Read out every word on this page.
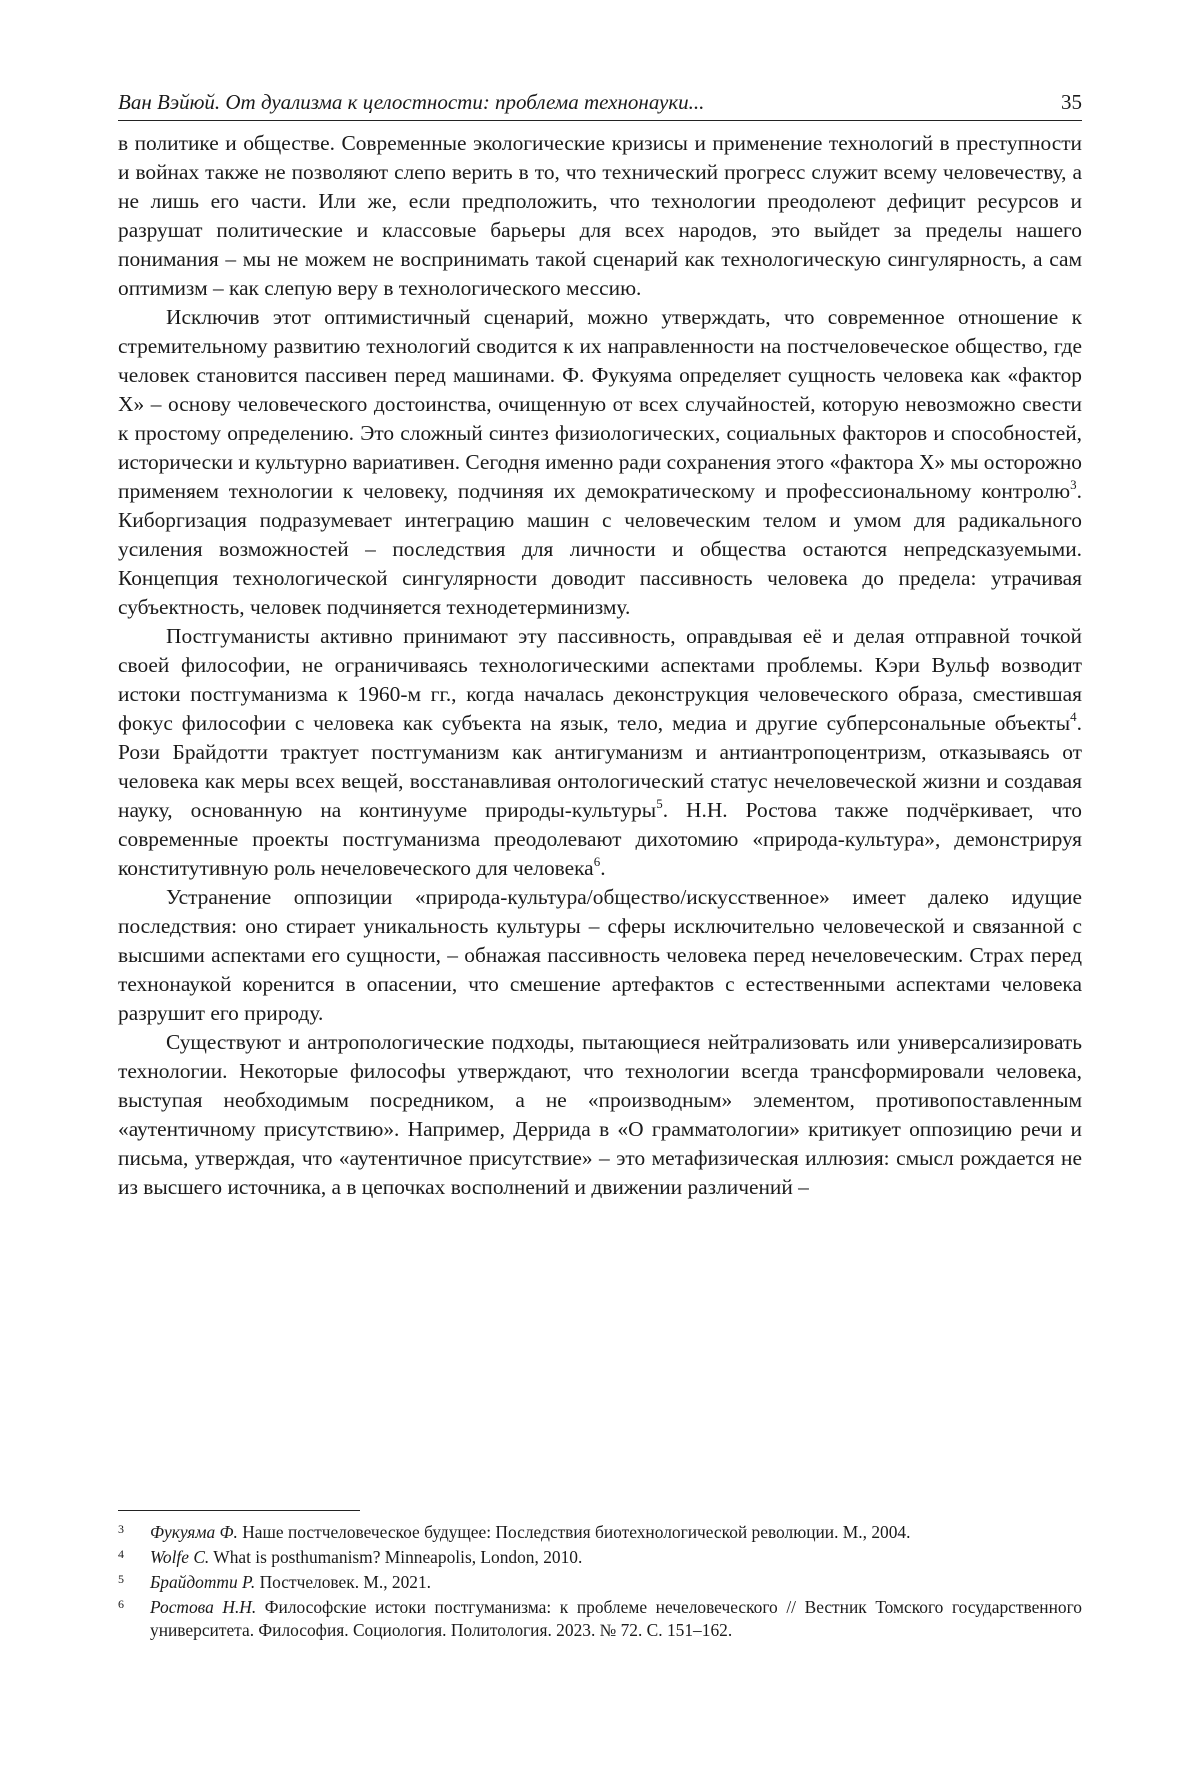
Ван Вэйюй. От дуализма к целостности: проблема технонауки...	35

в политике и обществе. Современные экологические кризисы и применение технологий в преступности и войнах также не позволяют слепо верить в то, что технический прогресс служит всему человечеству, а не лишь его части. Или же, если предположить, что технологии преодолеют дефицит ресурсов и разрушат политические и классовые барьеры для всех народов, это выйдет за пределы нашего понимания – мы не можем не воспринимать такой сценарий как технологическую сингулярность, а сам оптимизм – как слепую веру в технологического мессию.

Исключив этот оптимистичный сценарий, можно утверждать, что современное отношение к стремительному развитию технологий сводится к их направленности на постчеловеческое общество, где человек становится пассивен перед машинами. Ф. Фукуяма определяет сущность человека как «фактор X» – основу человеческого достоинства, очищенную от всех случайностей, которую невозможно свести к простому определению. Это сложный синтез физиологических, социальных факторов и способностей, исторически и культурно вариативен. Сегодня именно ради сохранения этого «фактора X» мы осторожно применяем технологии к человеку, подчиняя их демократическому и профессиональному контролю$^3$. Киборгизация подразумевает интеграцию машин с человеческим телом и умом для радикального усиления возможностей – последствия для личности и общества остаются непредсказуемыми. Концепция технологической сингулярности доводит пассивность человека до предела: утрачивая субъектность, человек подчиняется технодетерминизму.

Постгуманисты активно принимают эту пассивность, оправдывая её и делая отправной точкой своей философии, не ограничиваясь технологическими аспектами проблемы. Кэри Вульф возводит истоки постгуманизма к 1960-м гг., когда началась деконструкция человеческого образа, сместившая фокус философии с человека как субъекта на язык, тело, медиа и другие субперсональные объекты$^4$. Рози Брайдотти трактует постгуманизм как антигуманизм и антиантропоцентризм, отказываясь от человека как меры всех вещей, восстанавливая онтологический статус нечеловеческой жизни и создавая науку, основанную на континууме природы-культуры$^5$. Н.Н. Ростова также подчёркивает, что современные проекты постгуманизма преодолевают дихотомию «природа-культура», демонстрируя конститутивную роль нечеловеческого для человека$^6$.

Устранение оппозиции «природа-культура/общество/искусственное» имеет далеко идущие последствия: оно стирает уникальность культуры – сферы исключительно человеческой и связанной с высшими аспектами его сущности, – обнажая пассивность человека перед нечеловеческим. Страх перед технонаукой коренится в опасении, что смешение артефактов с естественными аспектами человека разрушит его природу.

Существуют и антропологические подходы, пытающиеся нейтрализовать или универсализировать технологии. Некоторые философы утверждают, что технологии всегда трансформировали человека, выступая необходимым посредником, а не «производным» элементом, противопоставленным «аутентичному присутствию». Например, Деррида в «О грамматологии» критикует оппозицию речи и письма, утверждая, что «аутентичное присутствие» – это метафизическая иллюзия: смысл рождается не из высшего источника, а в цепочках восполнений и движении различений –

3	Фукуяма Ф. Наше постчеловеческое будущее: Последствия биотехнологической революции. М., 2004.
4	Wolfe C. What is posthumanism? Minneapolis, London, 2010.
5	Брайдотти Р. Постчеловек. М., 2021.
6	Ростова Н.Н. Философские истоки постгуманизма: к проблеме нечеловеческого // Вестник Томского государственного университета. Философия. Социология. Политология. 2023. № 72. С. 151–162.
